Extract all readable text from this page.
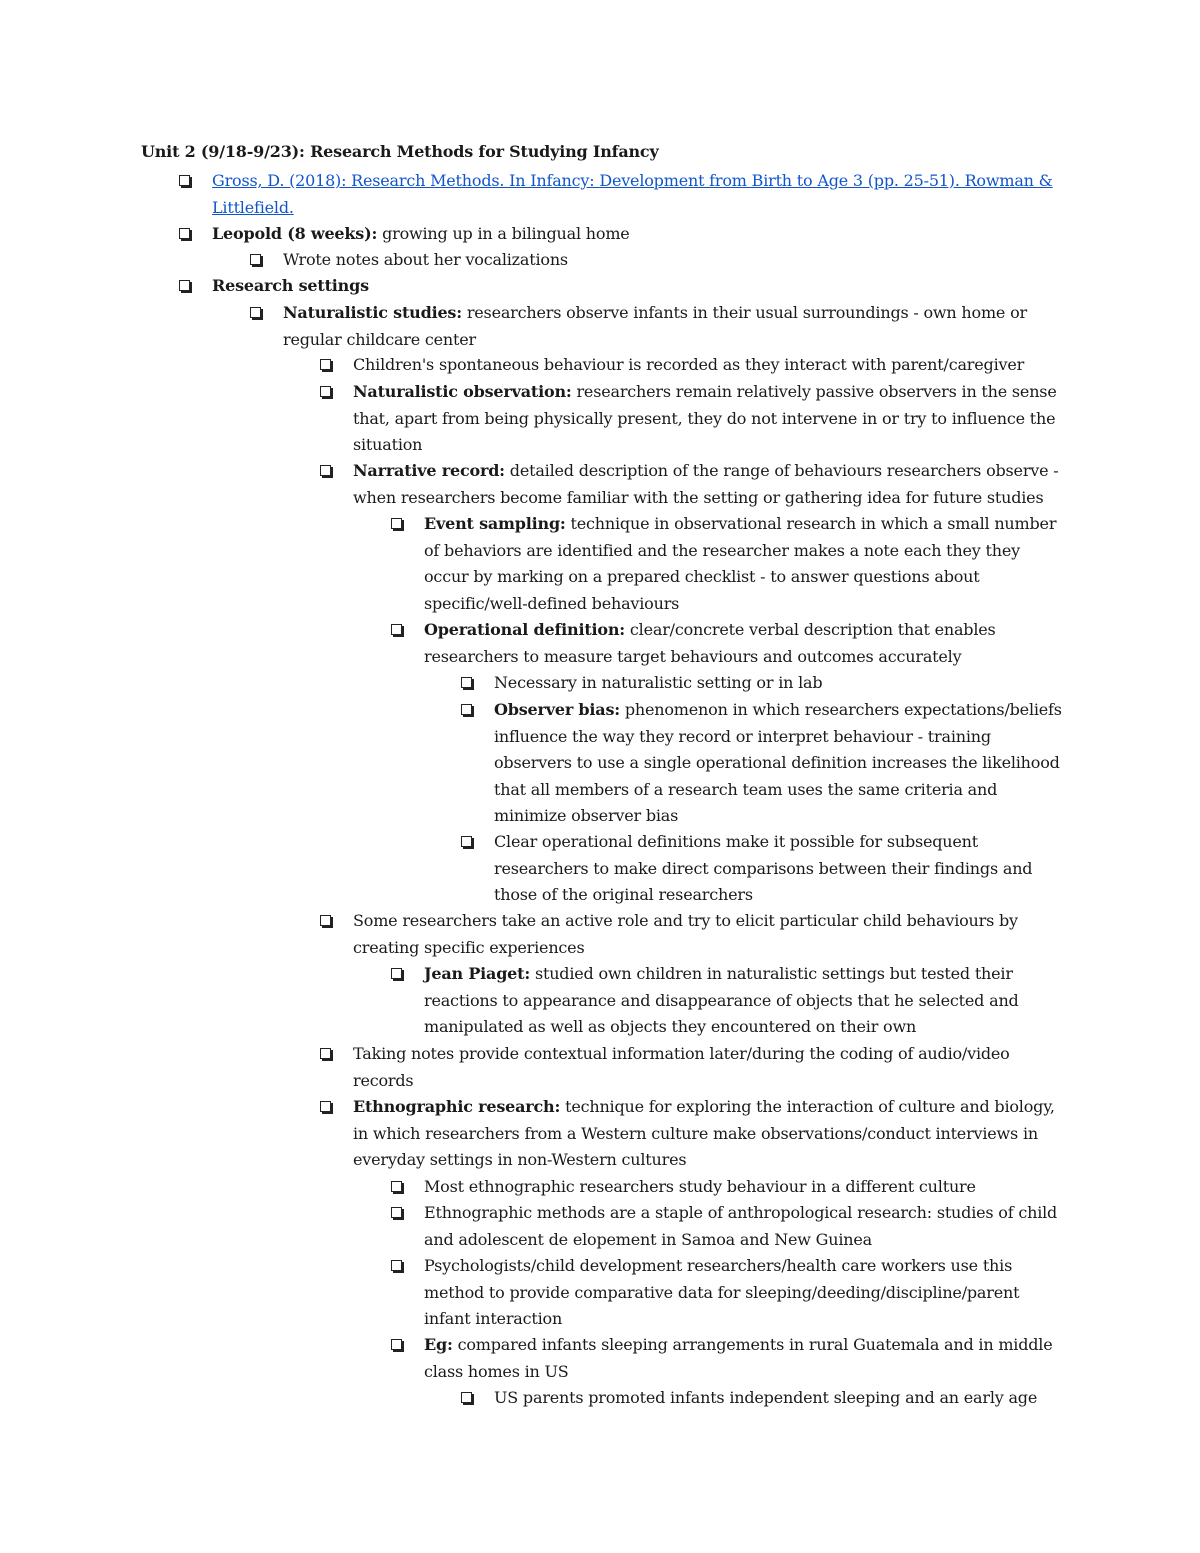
Unit 2 (9/18-9/23): Research Methods for Studying Infancy
Gross, D. (2018): Research Methods. In Infancy: Development from Birth to Age 3 (pp. 25-51). Rowman & Littlefield.
Leopold (8 weeks): growing up in a bilingual home
Wrote notes about her vocalizations
Research settings
Naturalistic studies: researchers observe infants in their usual surroundings - own home or regular childcare center
Children's spontaneous behaviour is recorded as they interact with parent/caregiver
Naturalistic observation: researchers remain relatively passive observers in the sense that, apart from being physically present, they do not intervene in or try to influence the situation
Narrative record: detailed description of the range of behaviours researchers observe - when researchers become familiar with the setting or gathering idea for future studies
Event sampling: technique in observational research in which a small number of behaviors are identified and the researcher makes a note each they they occur by marking on a prepared checklist - to answer questions about specific/well-defined behaviours
Operational definition: clear/concrete verbal description that enables researchers to measure target behaviours and outcomes accurately
Necessary in naturalistic setting or in lab
Observer bias: phenomenon in which researchers expectations/beliefs influence the way they record or interpret behaviour - training observers to use a single operational definition increases the likelihood that all members of a research team uses the same criteria and minimize observer bias
Clear operational definitions make it possible for subsequent researchers to make direct comparisons between their findings and those of the original researchers
Some researchers take an active role and try to elicit particular child behaviours by creating specific experiences
Jean Piaget: studied own children in naturalistic settings but tested their reactions to appearance and disappearance of objects that he selected and manipulated as well as objects they encountered on their own
Taking notes provide contextual information later/during the coding of audio/video records
Ethnographic research: technique for exploring the interaction of culture and biology, in which researchers from a Western culture make observations/conduct interviews in everyday settings in non-Western cultures
Most ethnographic researchers study behaviour in a different culture
Ethnographic methods are a staple of anthropological research: studies of child and adolescent de elopement in Samoa and New Guinea
Psychologists/child development researchers/health care workers use this method to provide comparative data for sleeping/deeding/discipline/parent infant interaction
Eg: compared infants sleeping arrangements in rural Guatemala and in middle class homes in US
US parents promoted infants independent sleeping and an early age
